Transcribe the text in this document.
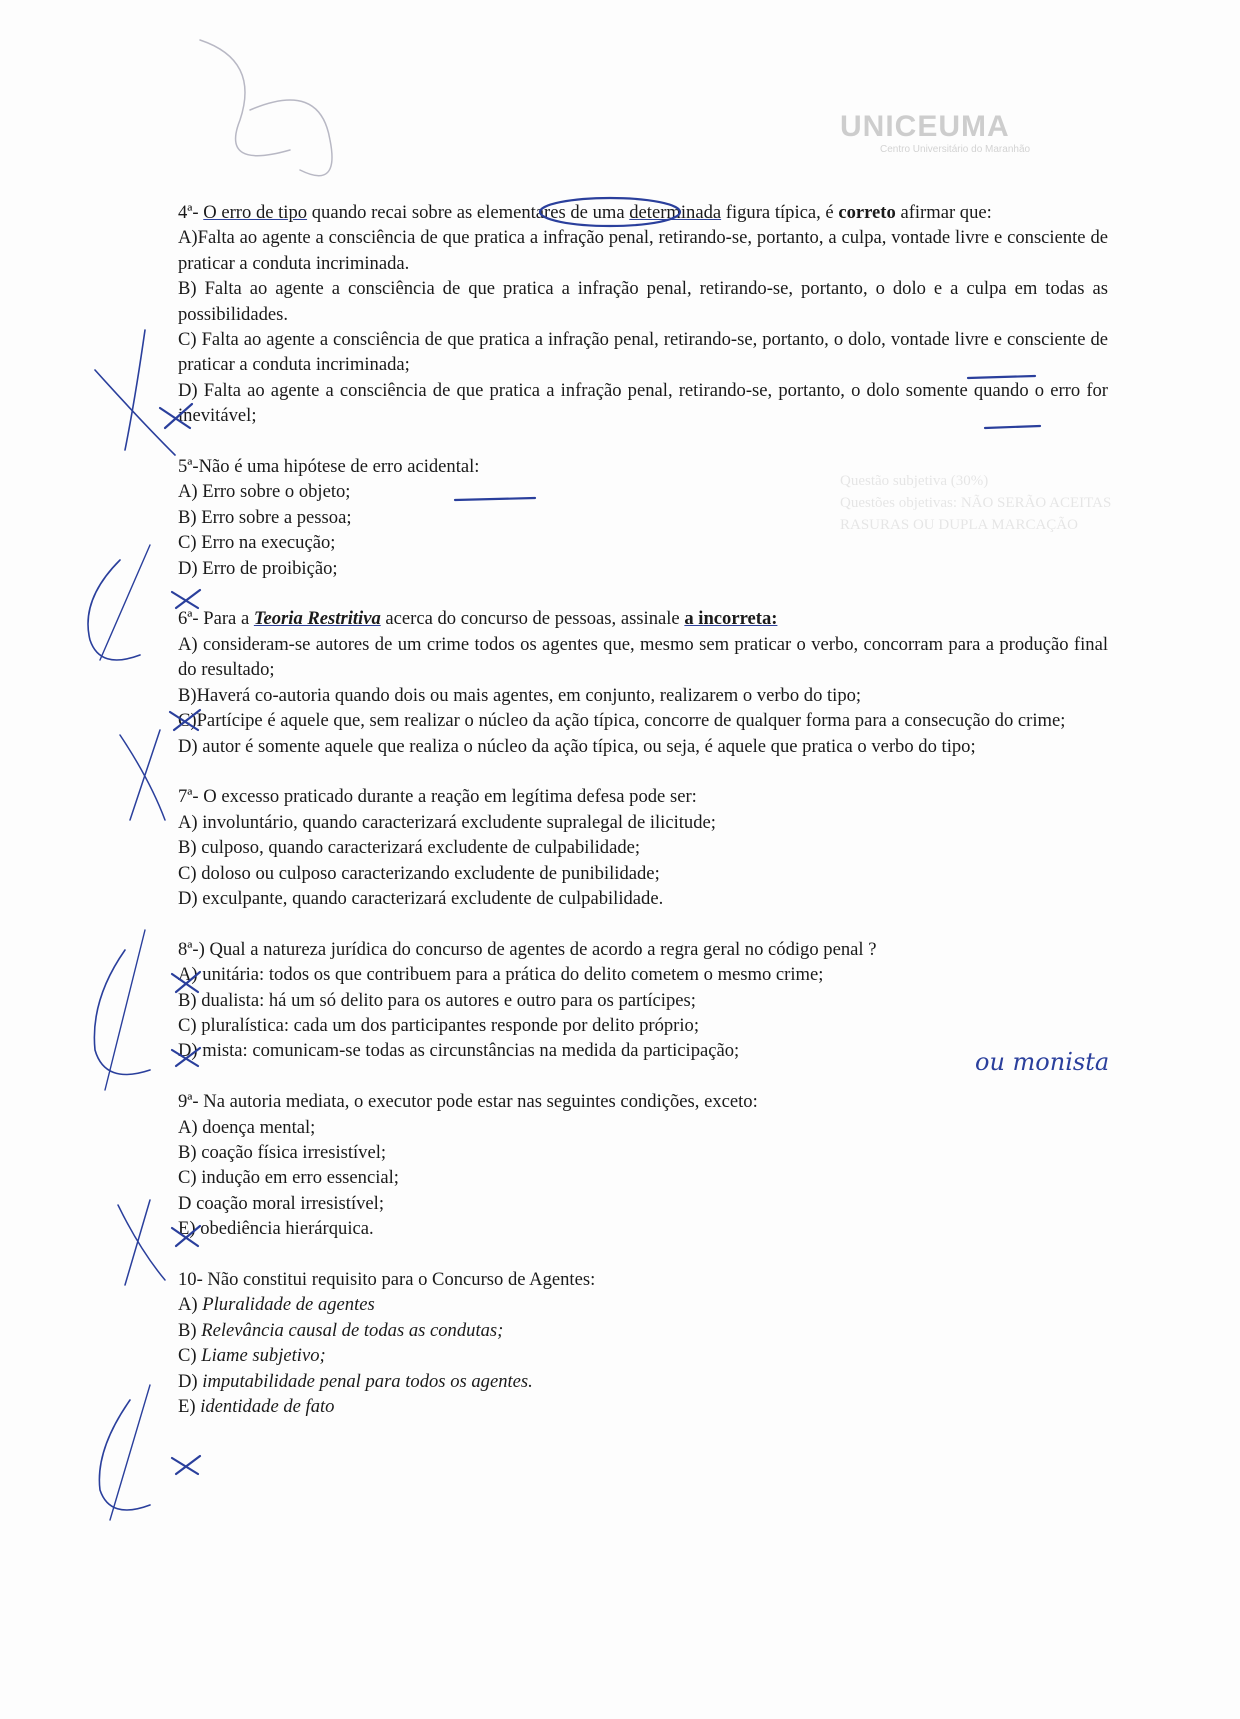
UNICEUMA
Centro Universitário do Maranhão
Questão subjetiva (30%)
Questões objetivas: NÃO SERÃO ACEITAS RASURAS OU DUPLA MARCAÇÃO

4ª- O erro de tipo quando recai sobre as elementares de uma determinada figura típica, é correto afirmar que:

A)Falta ao agente a consciência de que pratica a infração penal, retirando-se, portanto, a culpa, vontade livre e consciente de praticar a conduta incriminada.

B) Falta ao agente a consciência de que pratica a infração penal, retirando-se, portanto, o dolo e a culpa em todas as possibilidades.

C) Falta ao agente a consciência de que pratica a infração penal, retirando-se, portanto, o dolo, vontade livre e consciente de praticar a conduta incriminada;

D) Falta ao agente a consciência de que pratica a infração penal, retirando-se, portanto, o dolo somente quando o erro for inevitável;

5ª-Não é uma hipótese de erro acidental:

A) Erro sobre o objeto;

B) Erro sobre a pessoa;

C) Erro na execução;

D) Erro de proibição;

6ª- Para a Teoria Restritiva acerca do concurso de pessoas, assinale a incorreta:

A) consideram-se autores de um crime todos os agentes que, mesmo sem praticar o verbo, concorram para a produção final do resultado;

B)Haverá co-autoria quando dois ou mais agentes, em conjunto, realizarem o verbo do tipo;

C)Partícipe é aquele que, sem realizar o núcleo da ação típica, concorre de qualquer forma para a consecução do crime;

D) autor é somente aquele que realiza o núcleo da ação típica, ou seja, é aquele que pratica o verbo do tipo;

7ª- O excesso praticado durante a reação em legítima defesa pode ser:

A) involuntário, quando caracterizará excludente supralegal de ilicitude;

B) culposo, quando caracterizará excludente de culpabilidade;

C) doloso ou culposo caracterizando excludente de punibilidade;

D) exculpante, quando caracterizará excludente de culpabilidade.

8ª-) Qual a natureza jurídica do concurso de agentes de acordo a regra geral no código penal ?

A) unitária: todos os que contribuem para a prática do delito cometem o mesmo crime;

B) dualista: há um só delito para os autores e outro para os partícipes;

C) pluralística: cada um dos participantes responde por delito próprio;

D) mista: comunicam-se todas as circunstâncias na medida da participação;

9ª- Na autoria mediata, o executor pode estar nas seguintes condições, exceto:

A) doença mental;

B) coação física irresistível;

C) indução em erro essencial;

D coação moral irresistível;

E) obediência hierárquica.

10- Não constitui requisito para o Concurso de Agentes:

A) Pluralidade de agentes

B) Relevância causal de todas as condutas;

C) Liame subjetivo;

D) imputabilidade penal para todos os agentes.

E) identidade de fato

ou monista
